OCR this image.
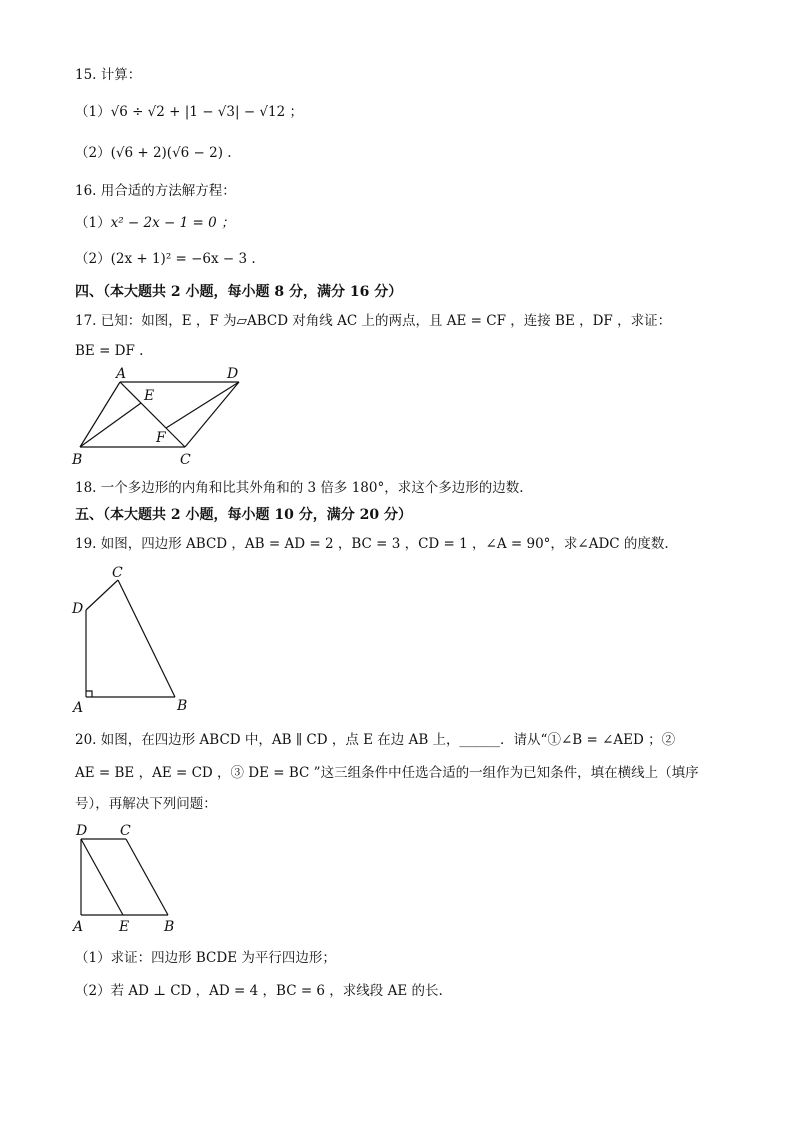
15. 计算：
（1）√6 ÷ √2 + |1 − √3| − √12 ；
（2）(√6 + 2)(√6 − 2) .
16. 用合适的方法解方程：
（1）x² − 2x − 1 = 0 ；
（2）(2x + 1)² = −6x − 3 .
四、（本大题共 2 小题，每小题 8 分，满分 16 分）
17. 已知：如图，E ，F 为▱ABCD 对角线 AC 上的两点，且 AE = CF ，连接 BE ，DF ，求证：
BE = DF .
A	D
E
F
B	C
18. 一个多边形的内角和比其外角和的 3 倍多 180°，求这个多边形的边数.
五、（本大题共 2 小题，每小题 10 分，满分 20 分）
19. 如图，四边形 ABCD ，AB = AD = 2 ，BC = 3 ，CD = 1 ，∠A = 90°，求∠ADC 的度数.
C
D
A	B
20. 如图，在四边形 ABCD 中，AB ∥ CD ，点 E 在边 AB 上，______．请从“①∠B = ∠AED ；②
AE = BE ，AE = CD ，③ DE = BC ”这三组条件中任选合适的一组作为已知条件，填在横线上（填序
号），再解决下列问题：
D C
A	E B
（1）求证：四边形 BCDE 为平行四边形；
（2）若 AD ⊥ CD ，AD = 4 ，BC = 6 ，求线段 AE 的长.
